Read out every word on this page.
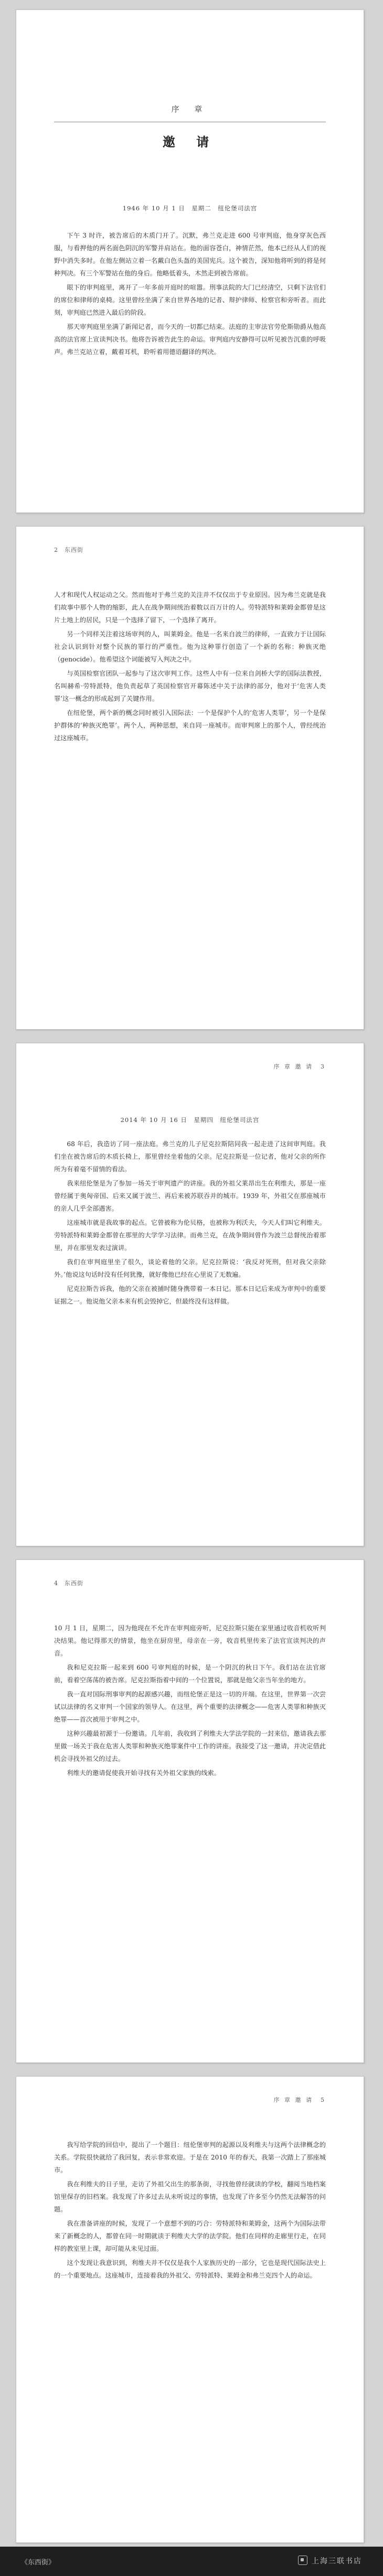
序 章
邀 请

1946 年 10 月 1 日　星期二　纽伦堡司法宫

下午 3 时许，被告席后的木质门开了。沉默，弗兰克走进 600 号审判庭，他身穿灰色西服，与看押他的两名面色阴沉的军警并肩站在。他的面容苍白，神情茫然，他本已经从人们的视野中消失多时。在他左侧站立着一名戴白色头盔的美国宪兵。这个被告，深知他将听到的将是何种判决。有三个军警站在他的身后。他略低着头，木然走到被告席前。

眼下的审判庭里，离开了一年多前开庭时的喧嚣。刑事法院的大门已经清空，只剩下法官们的席位和律师的桌椅。这里曾经坐满了来自世界各地的记者、辩护律师、检察官和旁听者。而此刻，审判庭已然进入最后的阶段。

那天审判庭里坐满了新闻记者，而今天的一切都已结束。法庭的主审法官劳伦斯勋爵从他高高的法官席上宣读判决书。他将告诉被告此生的命运。审判庭内安静得可以听见被告沉重的呼吸声。弗兰克站立着，戴着耳机，聆听着用德语翻译的判决。

2　东西街

人才和现代人权运动之父。然而他对于弗兰克的关注并不仅仅出于专业原因。因为弗兰克就是我们故事中那个人物的缩影，此人在战争期间统治着数以百万计的人。劳特派特和莱姆金都曾是这片土地上的居民，只是一个选择了留下，一个选择了离开。

另一个同样关注着这场审判的人，叫莱姆金。他是一名来自波兰的律师，一直致力于让国际社会认识到针对整个民族的罪行的严重性。他为这种罪行创造了一个新的名称：种族灭绝（genocide）。他希望这个词能被写入判决之中。

与英国检察官团队一起参与了这次审判工作。这些人中有一位来自剑桥大学的国际法教授，名叫赫希·劳特派特，他负责起草了英国检察官开幕陈述中关于法律的部分，他对于‘危害人类罪’这一概念的形成起到了关键作用。

在纽伦堡，两个新的概念同时被引入国际法：一个是保护个人的‘危害人类罪’，另一个是保护群体的‘种族灭绝罪’。两个人，两种思想，来自同一座城市。而审判席上的那个人，曾经统治过这座城市。

序 章 邀 请　3

2014 年 10 月 16 日　星期四　纽伦堡司法宫

68 年后，我造访了同一座法庭。弗兰克的儿子尼克拉斯陪同我一起走进了这间审判庭。我们坐在被告席后的木质长椅上，那里曾经坐着他的父亲。尼克拉斯是一位记者，他对父亲的所作所为有着毫不留情的看法。

我来纽伦堡是为了参加一场关于审判遗产的讲座。我的外祖父莱昂出生在利维夫，那是一座曾经属于奥匈帝国、后来又属于波兰、再后来被苏联吞并的城市。1939 年，外祖父在那座城市的亲人几乎全部遇害。

这座城市就是我故事的起点。它曾被称为伦贝格，也被称为利沃夫，今天人们叫它利维夫。劳特派特和莱姆金都曾在那里的大学学习法律。而弗兰克，在战争期间曾作为波兰总督统治着那里，并在那里发表过演讲。

我们在审判庭里坐了很久，谈论着他的父亲。尼克拉斯说：‘我反对死刑，但对我父亲除外。’他说这句话时没有任何犹豫，就好像他已经在心里说了无数遍。

尼克拉斯告诉我，他的父亲在被捕时随身携带着一本日记。那本日记后来成为审判中的重要证据之一。他说他父亲本来有机会毁掉它，但最终没有这样做。

4　东西街

10 月 1 日，星期二，因为他现在不允许在审判庭旁听，尼克拉斯只能在家里通过收音机收听判决结果。他记得那天的情景，他坐在厨房里，母亲在一旁，收音机里传来了法官宣读判决的声音。

我和尼克拉斯一起来到 600 号审判庭的时候，是一个阴沉的秋日下午。我们站在法官席前，看着空荡荡的被告席。尼克拉斯指着中间的一个位置说，那就是他父亲当年坐的地方。

我一直对国际刑事审判的起源感兴趣，而纽伦堡正是这一切的开端。在这里，世界第一次尝试以法律的名义审判一个国家的领导人。在这里，两个重要的法律概念——危害人类罪和种族灭绝罪——首次被用于审判之中。

这种兴趣最初源于一份邀请。几年前，我收到了利维夫大学法学院的一封来信，邀请我去那里做一场关于我在危害人类罪和种族灭绝罪案件中工作的讲座。我接受了这一邀请，并决定借此机会寻找外祖父的过去。

利维夫的邀请促使我开始寻找有关外祖父家族的线索。

序 章 邀 请　5

我写给学院的回信中，提出了一个题目：纽伦堡审判的起源以及利维夫与这两个法律概念的关系。学院很快就给了我回复，表示非常欢迎。于是在 2010 年的春天，我第一次踏上了那座城市。

我在利维夫的日子里，走访了外祖父出生的那条街，寻找他曾经就读的学校，翻阅当地档案馆里保存的旧档案。我发现了许多过去从未听说过的事情，也发现了许多至今仍然无法解答的问题。

我在准备讲座的时候，发现了一个意想不到的巧合：劳特派特和莱姆金，这两个为国际法带来了新概念的人，都曾在同一时期就读于利维夫大学的法学院。他们在同样的走廊里行走，在同样的教室里上课，却可能从未见过面。

这个发现让我意识到，利维夫并不仅仅是我个人家族历史的一部分，它也是现代国际法史上的一个重要地点。这座城市，连接着我的外祖父、劳特派特、莱姆金和弗兰克四个人的命运。

《东西街》	上海三联书店
